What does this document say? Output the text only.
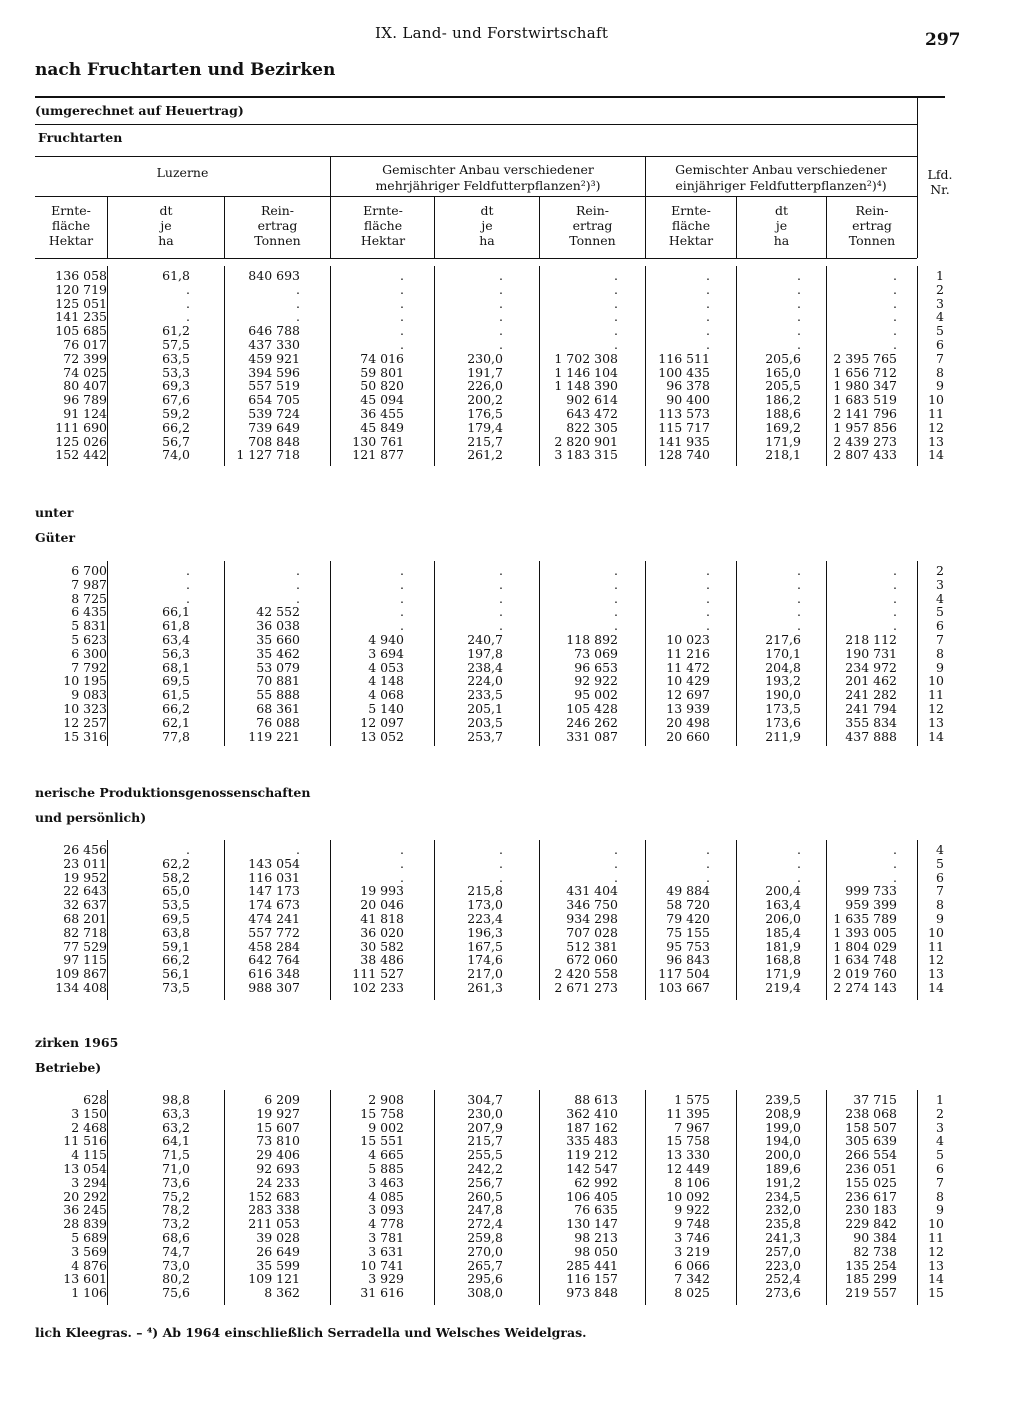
IX. Land- und Forstwirtschaft	297
nach Fruchtarten und Bezirken
(umgerechnet auf Heuertrag)
Fruchtarten
Luzerne	Gemischter Anbau verschiedener
mehrjähriger Feldfutterpflanzen²)³)
Gemischter Anbau verschiedener
einjähriger Feldfutterpflanzen²)⁴)
Lfd.
Nr.
Ernte-
fläche
Hektar
dt
je
ha
Rein-
ertrag
Tonnen
Ernte-
fläche
Hektar
dt
je
ha
Rein-
ertrag
Tonnen
Ernte-
fläche
Hektar
dt
je
ha
Rein-
ertrag
Tonnen
136 058
120 719
125 051
141 235
105 685
76 017
72 399
74 025
80 407
96 789
91 124
111 690
125 026
152 442
61,8
.
.
.
61,2
57,5
63,5
53,3
69,3
67,6
59,2
66,2
56,7
74,0
840 693
.
.
.
646 788
437 330
459 921
394 596
557 519
654 705
539 724
739 649
708 848
1 127 718
.
.
.
.
.
.
74 016
59 801
50 820
45 094
36 455
45 849
130 761
121 877
.
.
.
.
.
.
230,0
191,7
226,0
200,2
176,5
179,4
215,7
261,2
.
.
.
.
.
.
1 702 308
1 146 104
1 148 390
902 614
643 472
822 305
2 820 901
3 183 315
.
.
.
.
.
.
116 511
100 435
96 378
90 400
113 573
115 717
141 935
128 740
.
.
.
.
.
.
205,6
165,0
205,5
186,2
188,6
169,2
171,9
218,1
.
.
.
.
.
.
2 395 765
1 656 712
1 980 347
1 683 519
2 141 796
1 957 856
2 439 273
2 807 433
1
2
3
4
5
6
7
8
9
10
11
12
13
14
unter
Güter
6 700
7 987
8 725
6 435
5 831
5 623
6 300
7 792
10 195
9 083
10 323
12 257
15 316
.
.
.
66,1
61,8
63,4
56,3
68,1
69,5
61,5
66,2
62,1
77,8
.
.
.
42 552
36 038
35 660
35 462
53 079
70 881
55 888
68 361
76 088
119 221
.
.
.
.
.
4 940
3 694
4 053
4 148
4 068
5 140
12 097
13 052
.
.
.
.
.
240,7
197,8
238,4
224,0
233,5
205,1
203,5
253,7
.
.
.
.
.
118 892
73 069
96 653
92 922
95 002
105 428
246 262
331 087
.
.
.
.
.
10 023
11 216
11 472
10 429
12 697
13 939
20 498
20 660
.
.
.
.
.
217,6
170,1
204,8
193,2
190,0
173,5
173,6
211,9
.
.
.
.
.
218 112
190 731
234 972
201 462
241 282
241 794
355 834
437 888
2
3
4
5
6
7
8
9
10
11
12
13
14
nerische Produktionsgenossenschaften
und persönlich)
26 456
23 011
19 952
22 643
32 637
68 201
82 718
77 529
97 115
109 867
134 408
.
62,2
58,2
65,0
53,5
69,5
63,8
59,1
66,2
56,1
73,5
.
143 054
116 031
147 173
174 673
474 241
557 772
458 284
642 764
616 348
988 307
.
.
.
19 993
20 046
41 818
36 020
30 582
38 486
111 527
102 233
.
.
.
215,8
173,0
223,4
196,3
167,5
174,6
217,0
261,3
.
.
.
431 404
346 750
934 298
707 028
512 381
672 060
2 420 558
2 671 273
.
.
.
49 884
58 720
79 420
75 155
95 753
96 843
117 504
103 667
.
.
.
200,4
163,4
206,0
185,4
181,9
168,8
171,9
219,4
.
.
.
999 733
959 399
1 635 789
1 393 005
1 804 029
1 634 748
2 019 760
2 274 143
4
5
6
7
8
9
10
11
12
13
14
zirken 1965
Betriebe)
628
3 150
2 468
11 516
4 115
13 054
3 294
20 292
36 245
28 839
5 689
3 569
4 876
13 601
1 106
98,8
63,3
63,2
64,1
71,5
71,0
73,6
75,2
78,2
73,2
68,6
74,7
73,0
80,2
75,6
6 209
19 927
15 607
73 810
29 406
92 693
24 233
152 683
283 338
211 053
39 028
26 649
35 599
109 121
8 362
2 908
15 758
9 002
15 551
4 665
5 885
3 463
4 085
3 093
4 778
3 781
3 631
10 741
3 929
31 616
304,7
230,0
207,9
215,7
255,5
242,2
256,7
260,5
247,8
272,4
259,8
270,0
265,7
295,6
308,0
88 613
362 410
187 162
335 483
119 212
142 547
62 992
106 405
76 635
130 147
98 213
98 050
285 441
116 157
973 848
1 575
11 395
7 967
15 758
13 330
12 449
8 106
10 092
9 922
9 748
3 746
3 219
6 066
7 342
8 025
239,5
208,9
199,0
194,0
200,0
189,6
191,2
234,5
232,0
235,8
241,3
257,0
223,0
252,4
273,6
37 715
238 068
158 507
305 639
266 554
236 051
155 025
236 617
230 183
229 842
90 384
82 738
135 254
185 299
219 557
1
2
3
4
5
6
7
8
9
10
11
12
13
14
15
lich Kleegras. – ⁴) Ab 1964 einschließlich Serradella und Welsches Weidelgras.
